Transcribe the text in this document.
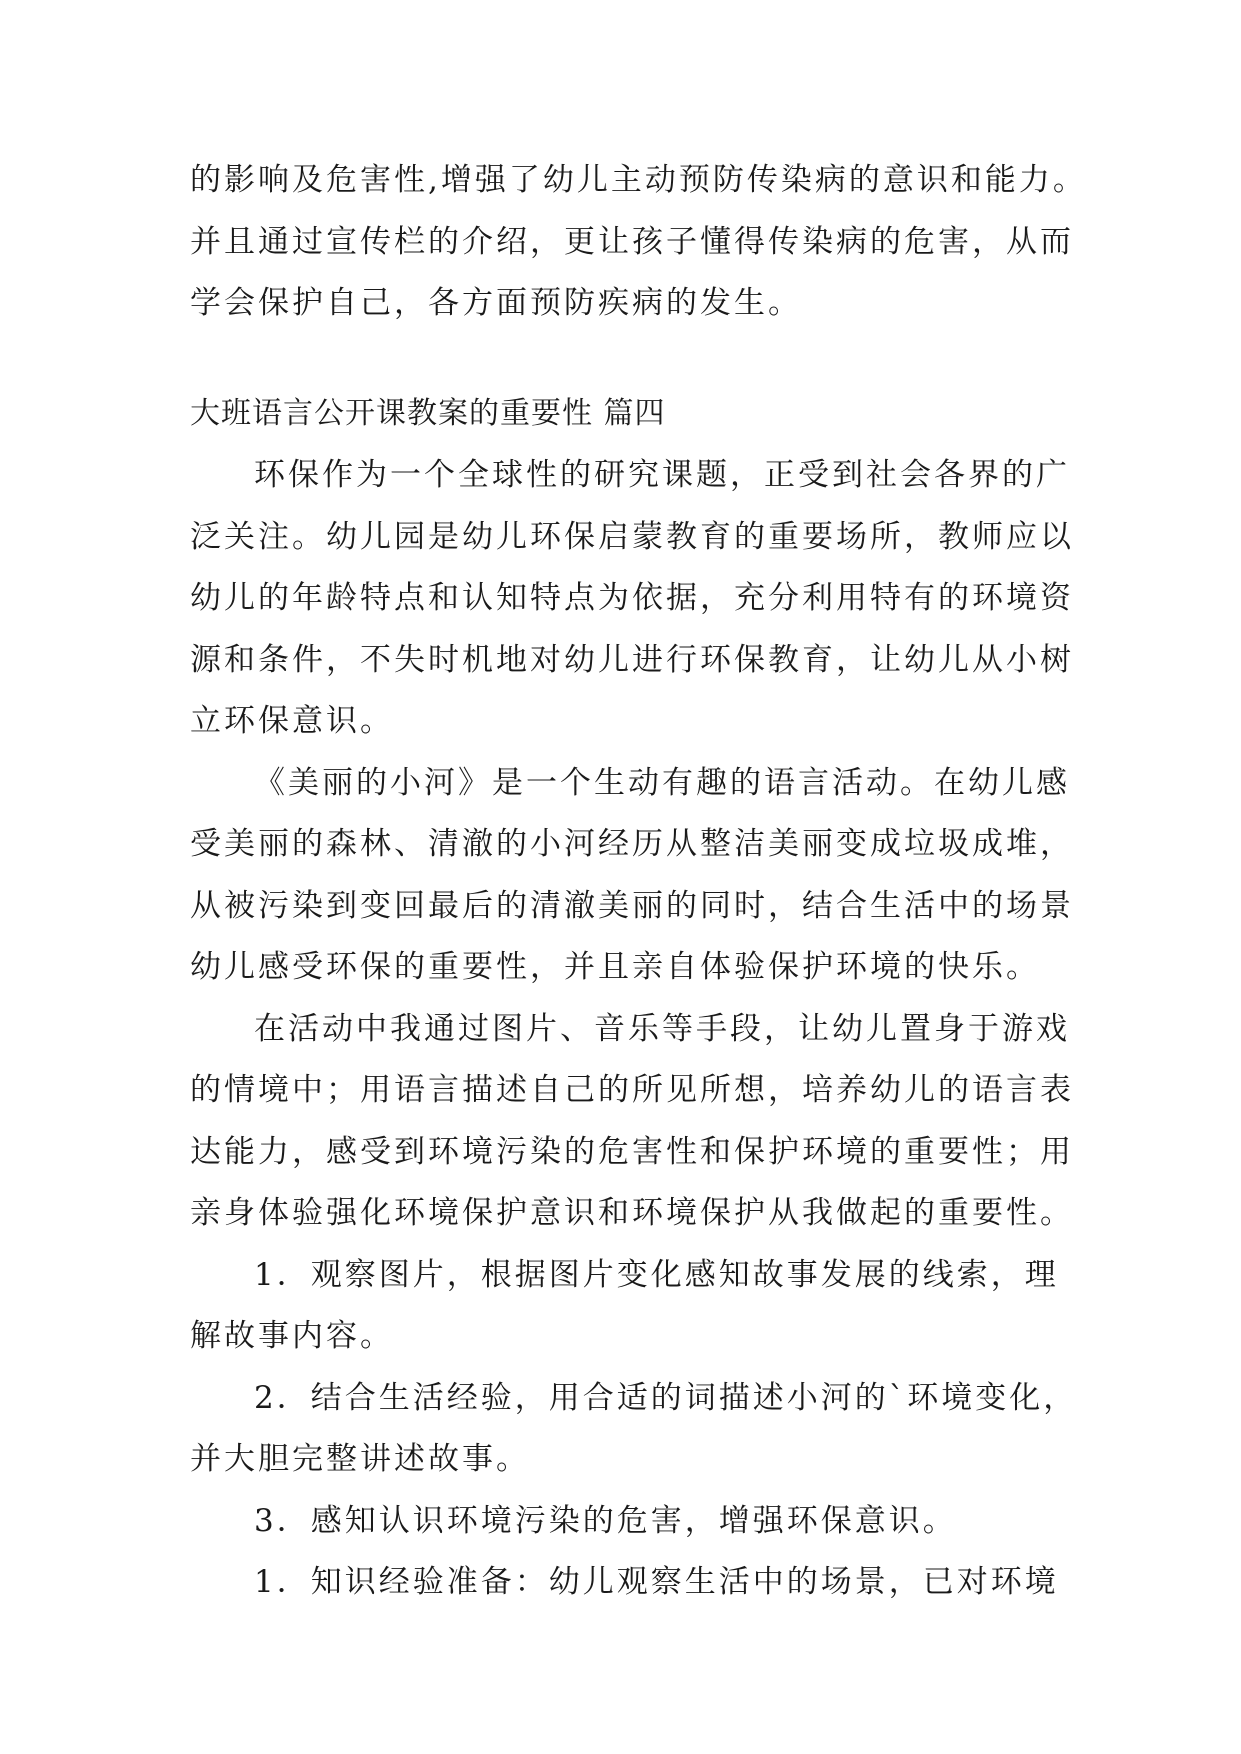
的影响及危害性,增强了幼儿主动预防传染病的意识和能力。
并且通过宣传栏的介绍，更让孩子懂得传染病的危害，从而
学会保护自己，各方面预防疾病的发生。
大班语言公开课教案的重要性 篇四
环保作为一个全球性的研究课题，正受到社会各界的广
泛关注。幼儿园是幼儿环保启蒙教育的重要场所，教师应以
幼儿的年龄特点和认知特点为依据，充分利用特有的环境资
源和条件，不失时机地对幼儿进行环保教育，让幼儿从小树
立环保意识。
《美丽的小河》是一个生动有趣的语言活动。在幼儿感
受美丽的森林、清澈的小河经历从整洁美丽变成垃圾成堆，
从被污染到变回最后的清澈美丽的同时，结合生活中的场景
幼儿感受环保的重要性，并且亲自体验保护环境的快乐。
在活动中我通过图片、音乐等手段，让幼儿置身于游戏
的情境中；用语言描述自己的所见所想，培养幼儿的语言表
达能力，感受到环境污染的危害性和保护环境的重要性；用
亲身体验强化环境保护意识和环境保护从我做起的重要性。
1．观察图片，根据图片变化感知故事发展的线索，理
解故事内容。
2．结合生活经验，用合适的词描述小河的`环境变化，
并大胆完整讲述故事。
3．感知认识环境污染的危害，增强环保意识。
1．知识经验准备：幼儿观察生活中的场景，已对环境
